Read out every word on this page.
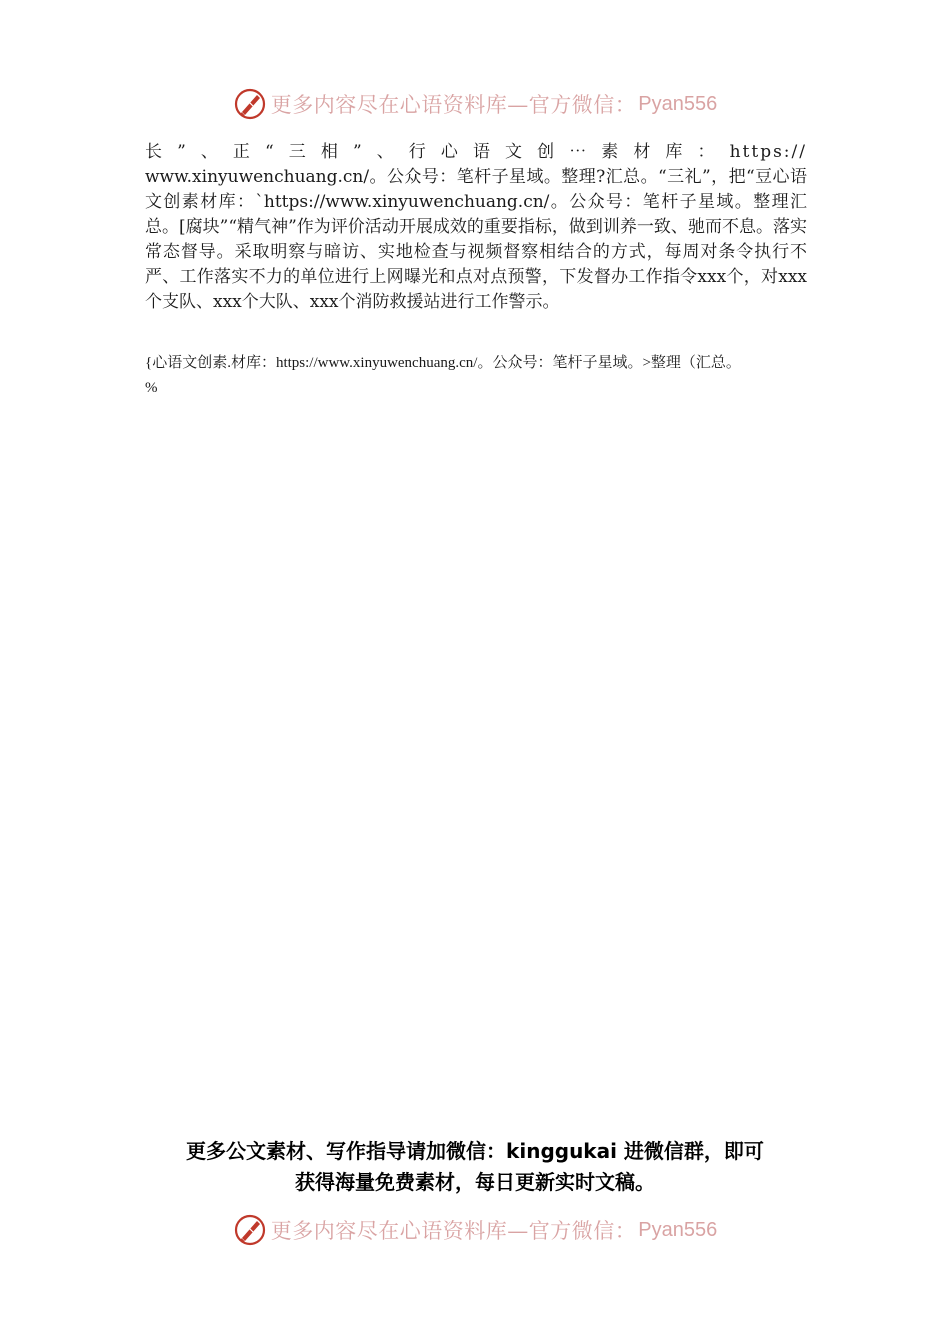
更多内容尽在心语资料库—官方微信： Pyan556
长”、正“三相”、行心语文创⋯素材库：https://
www.xinyuwenchuang.cn/。公众号：笔杆子星域。整理?汇总。“三礼”，把“豆心语文创素材库：`https://www.xinyuwenchuang.cn/。公众号：笔杆子星域。整理汇总。[腐块”“精气神”作为评价活动开展成效的重要指标，做到训养一致、驰而不息。落实常态督导。采取明察与暗访、实地检查与视频督察相结合的方式，每周对条令执行不严、工作落实不力的单位进行上网曝光和点对点预警，下发督办工作指令xxx个，对xxx个支队、xxx个大队、xxx个消防救援站进行工作警示。
{心语文创素.材库：https://www.xinyuwenchuang.cn/。公众号：笔杆子星域。>整理（汇总。
%
更多公文素材、写作指导请加微信：kinggukai 进微信群，即可
获得海量免费素材，每日更新实时文稿。
更多内容尽在心语资料库—官方微信： Pyan556
